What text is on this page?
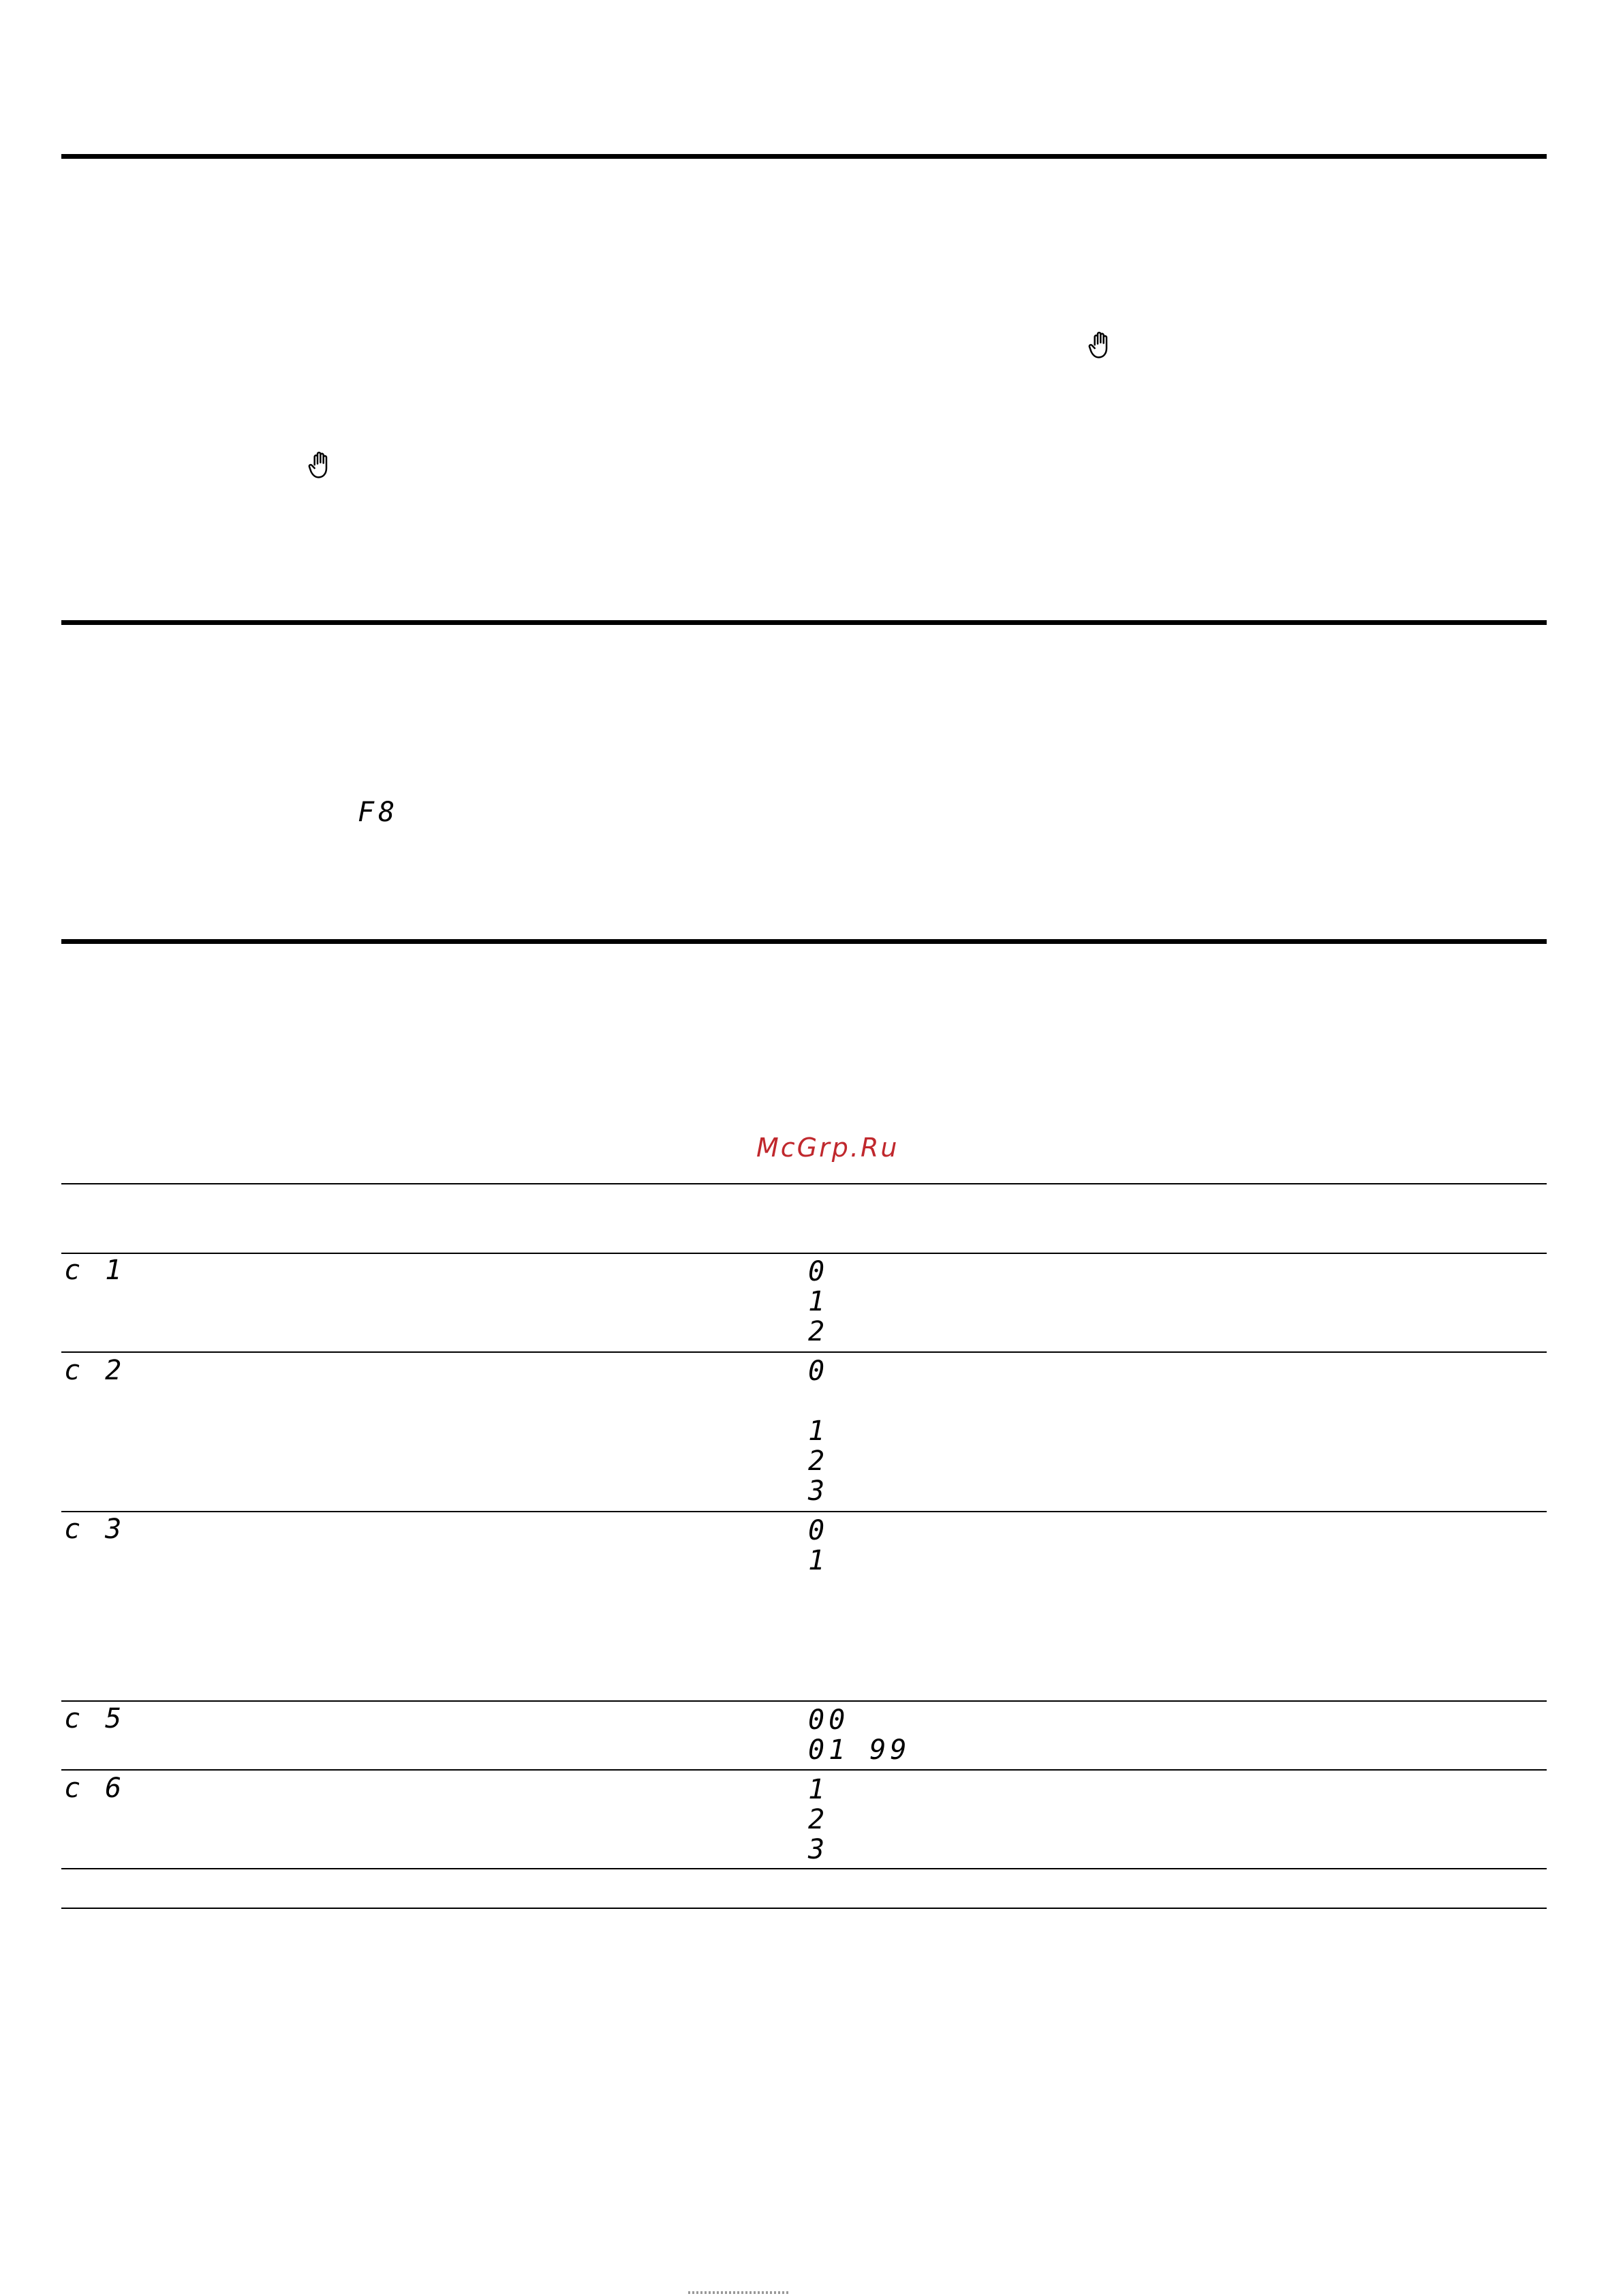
F8
McGrp.Ru
c 1	0
1
2
c 2	0
1
2
3
c 3	0
1
c 5	00
01 99
c 6	1
2
3
